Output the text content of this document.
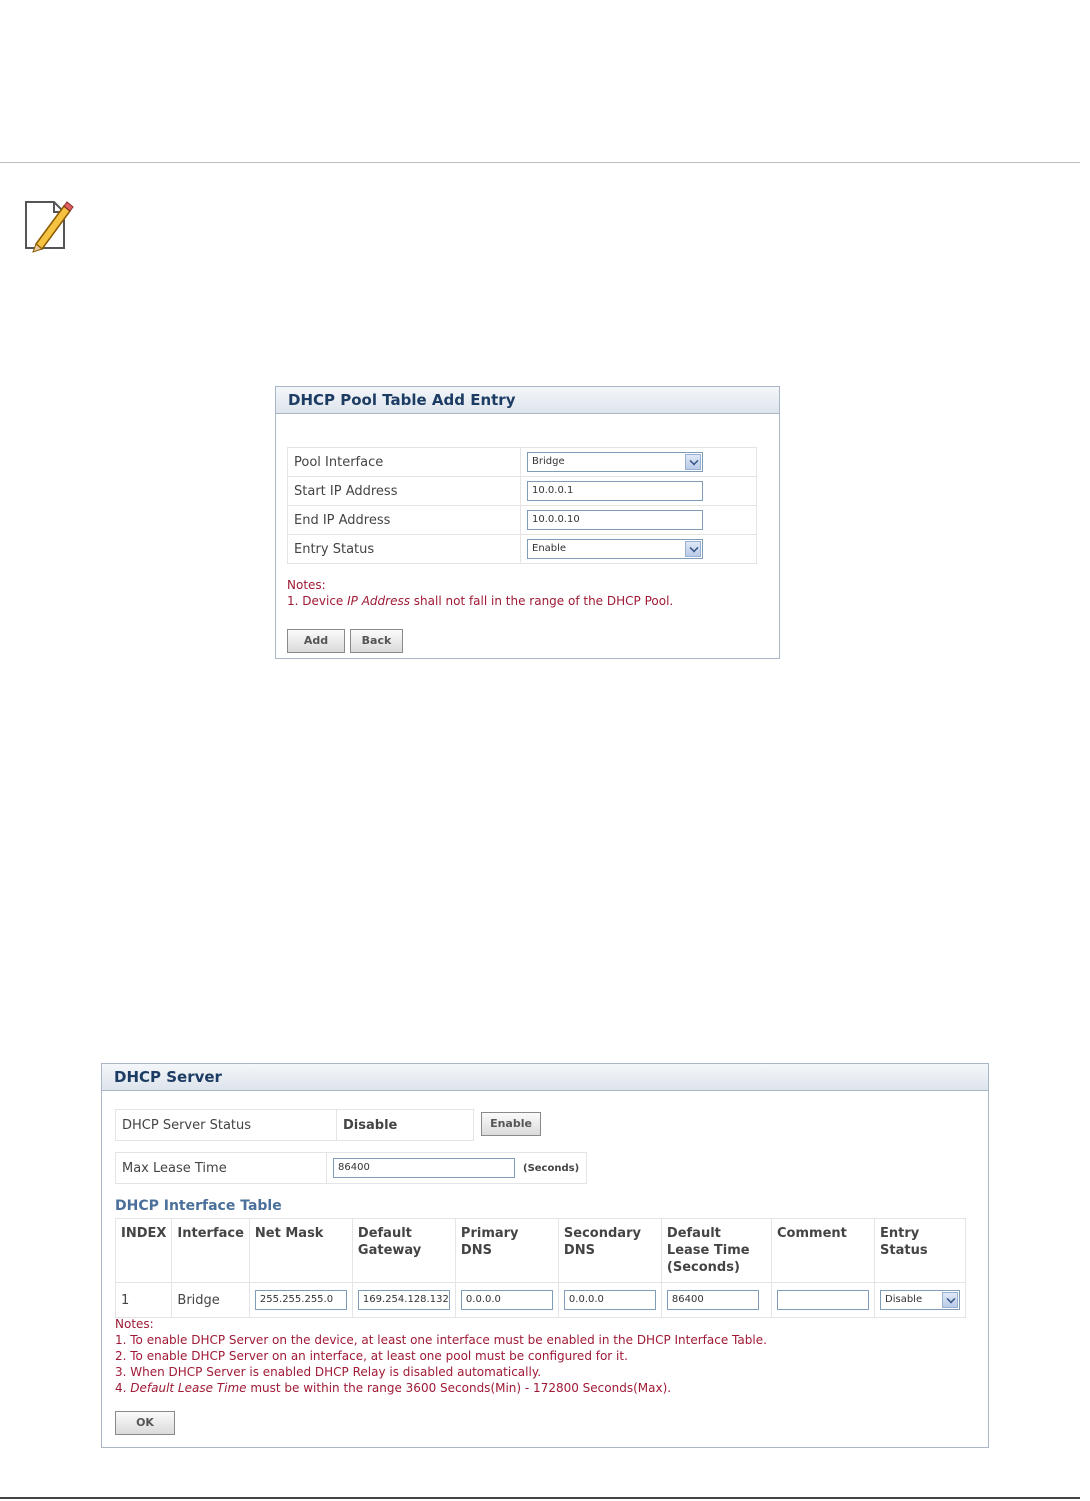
DHCP Pool Table Add Entry
Pool Interface	Bridge

Start IP Address	10.0.0.1

End IP Address	10.0.0.10

Entry Status	Enable
Notes:
1. Device IP Address shall not fall in the range of the DHCP Pool.
Add	Back
DHCP Server
DHCP Server Status	Disable	Enable
Max Lease Time	86400	(Seconds)
DHCP Interface Table
INDEX	Interface	Net Mask	Default Gateway	Primary DNS	Secondary DNS	Default Lease Time (Seconds)	Comment	Entry Status
1	Bridge	255.255.255.0	169.254.128.132	0.0.0.0	0.0.0.0	86400		Disable
Notes:
1. To enable DHCP Server on the device, at least one interface must be enabled in the DHCP Interface Table.
2. To enable DHCP Server on an interface, at least one pool must be configured for it.
3. When DHCP Server is enabled DHCP Relay is disabled automatically.
4. Default Lease Time must be within the range 3600 Seconds(Min) - 172800 Seconds(Max).
OK
